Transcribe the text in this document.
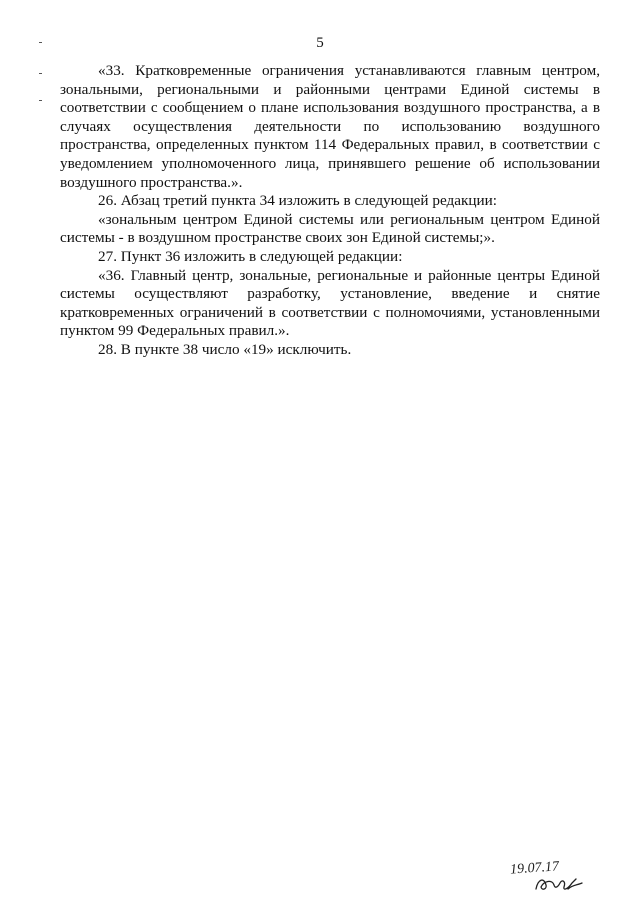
5

«33. Кратковременные ограничения устанавливаются главным центром, зональными, региональными и районными центрами Единой системы в соответствии с сообщением о плане использования воздушного пространства, а в случаях осуществления деятельности по использованию воздушного пространства, определенных пунктом 114 Федеральных правил, в соответствии с уведомлением уполномоченного лица, принявшего решение об использовании воздушного пространства.».

26. Абзац третий пункта 34 изложить в следующей редакции:

«зональным центром Единой системы или региональным центром Единой системы - в воздушном пространстве своих зон Единой системы;».

27. Пункт 36 изложить в следующей редакции:

«36. Главный центр, зональные, региональные и районные центры Единой системы осуществляют разработку, установление, введение и снятие кратковременных ограничений в соответствии с полномочиями, установленными пунктом 99 Федеральных правил.».

28. В пункте 38 число «19» исключить.

19.07.17
